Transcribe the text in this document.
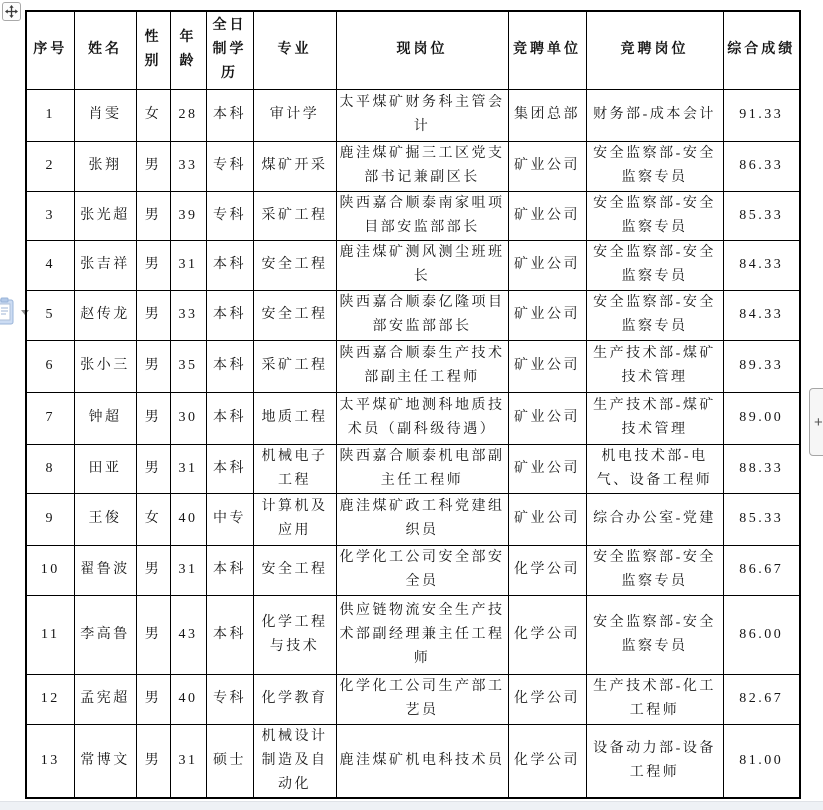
序号	姓名	性别	年龄	全日制学历	专业	现岗位	竞聘单位	竞聘岗位	综合成绩
1	肖雯	女	28	本科	审计学	太平煤矿财务科主管会计	集团总部	财务部-成本会计	91.33
2	张翔	男	33	专科	煤矿开采	鹿洼煤矿掘三工区党支部书记兼副区长	矿业公司	安全监察部-安全监察专员	86.33
3	张光超	男	39	专科	采矿工程	陕西嘉合顺泰南家咀项目部安监部部长	矿业公司	安全监察部-安全监察专员	85.33
4	张吉祥	男	31	本科	安全工程	鹿洼煤矿测风测尘班班长	矿业公司	安全监察部-安全监察专员	84.33
5	赵传龙	男	33	本科	安全工程	陕西嘉合顺泰亿隆项目部安监部部长	矿业公司	安全监察部-安全监察专员	84.33
6	张小三	男	35	本科	采矿工程	陕西嘉合顺泰生产技术部副主任工程师	矿业公司	生产技术部-煤矿技术管理	89.33
7	钟超	男	30	本科	地质工程	太平煤矿地测科地质技术员（副科级待遇）	矿业公司	生产技术部-煤矿技术管理	89.00
8	田亚	男	31	本科	机械电子工程	陕西嘉合顺泰机电部副主任工程师	矿业公司	机电技术部-电气、设备工程师	88.33
9	王俊	女	40	中专	计算机及应用	鹿洼煤矿政工科党建组织员	矿业公司	综合办公室-党建	85.33
10	翟鲁波	男	31	本科	安全工程	化学化工公司安全部安全员	化学公司	安全监察部-安全监察专员	86.67
11	李高鲁	男	43	本科	化学工程与技术	供应链物流安全生产技术部副经理兼主任工程师	化学公司	安全监察部-安全监察专员	86.00
12	孟宪超	男	40	专科	化学教育	化学化工公司生产部工艺员	化学公司	生产技术部-化工工程师	82.67
13	常博文	男	31	硕士	机械设计制造及自动化	鹿洼煤矿机电科技术员	化学公司	设备动力部-设备工程师	81.00
+
